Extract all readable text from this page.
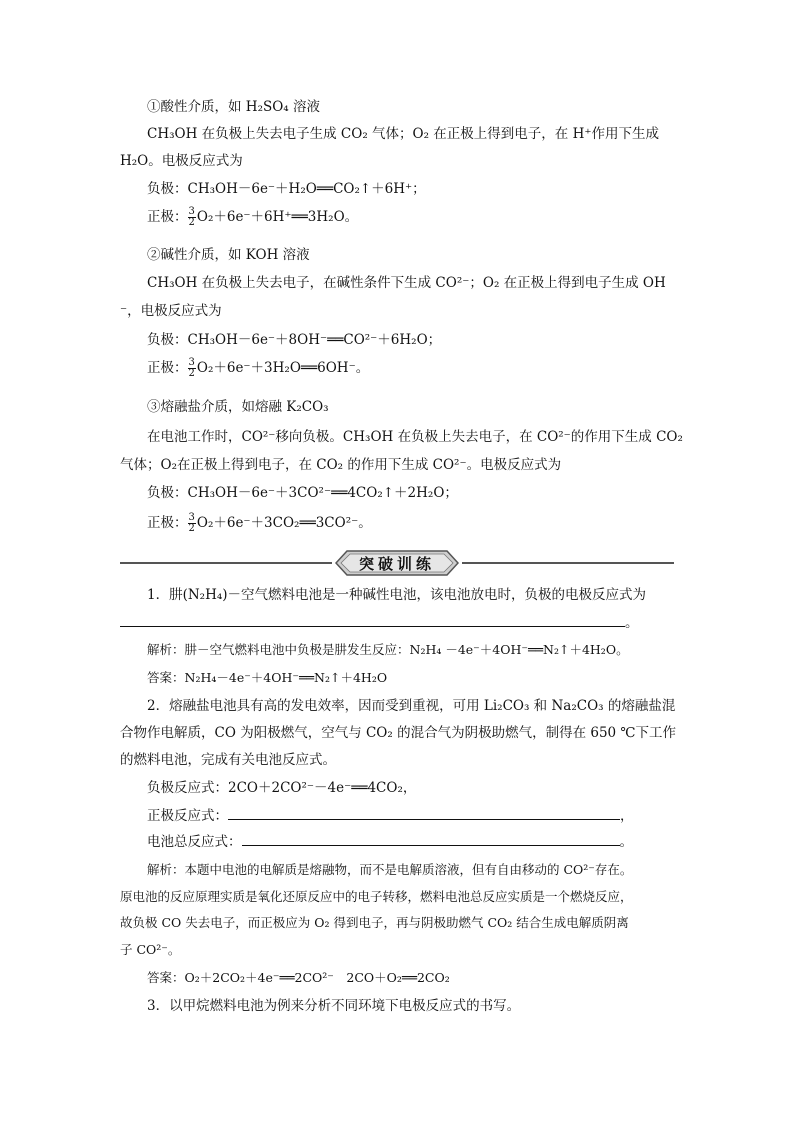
①酸性介质，如 H₂SO₄ 溶液
CH₃OH 在负极上失去电子生成 CO₂ 气体；O₂ 在正极上得到电子，在 H⁺作用下生成
H₂O。电极反应式为
负极：CH₃OH－6e⁻＋H₂O══CO₂↑＋6H⁺；
正极： $\frac{3}{2}$ O₂＋6e⁻＋6H⁺══3H₂O。
②碱性介质，如 KOH 溶液
CH₃OH 在负极上失去电子，在碱性条件下生成 CO²⁻；O₂ 在正极上得到电子生成 OH
⁻，电极反应式为
负极：CH₃OH－6e⁻＋8OH⁻══CO²⁻＋6H₂O；
正极： $\frac{3}{2}$ O₂＋6e⁻＋3H₂O══6OH⁻。
③熔融盐介质，如熔融 K₂CO₃
在电池工作时，CO²⁻移向负极。CH₃OH 在负极上失去电子，在 CO²⁻的作用下生成 CO₂
气体；O₂在正极上得到电子，在 CO₂ 的作用下生成 CO²⁻。电极反应式为
负极：CH₃OH－6e⁻＋3CO²⁻══4CO₂↑＋2H₂O；
正极： $\frac{3}{2}$ O₂＋6e⁻＋3CO₂══3CO²⁻。
突破训练
1．肼(N₂H₄)－空气燃料电池是一种碱性电池，该电池放电时，负极的电极反应式为
。
解析：肼－空气燃料电池中负极是肼发生反应：N₂H₄ －4e⁻＋4OH⁻══N₂↑＋4H₂O。
答案：N₂H₄－4e⁻＋4OH⁻══N₂↑＋4H₂O
2．熔融盐电池具有高的发电效率，因而受到重视，可用 Li₂CO₃ 和 Na₂CO₃ 的熔融盐混
合物作电解质，CO 为阳极燃气，空气与 CO₂ 的混合气为阴极助燃气，制得在 650 ℃下工作
的燃料电池，完成有关电池反应式。
负极反应式：2CO＋2CO²⁻－4e⁻══4CO₂，
正极反应式：	，
电池总反应式：	。
解析：本题中电池的电解质是熔融物，而不是电解质溶液，但有自由移动的 CO²⁻存在。
原电池的反应原理实质是氧化还原反应中的电子转移，燃料电池总反应实质是一个燃烧反应，
故负极 CO 失去电子，而正极应为 O₂ 得到电子，再与阴极助燃气 CO₂ 结合生成电解质阴离
子 CO²⁻。
答案：O₂＋2CO₂＋4e⁻══2CO²⁻　2CO＋O₂══2CO₂
3．以甲烷燃料电池为例来分析不同环境下电极反应式的书写。
